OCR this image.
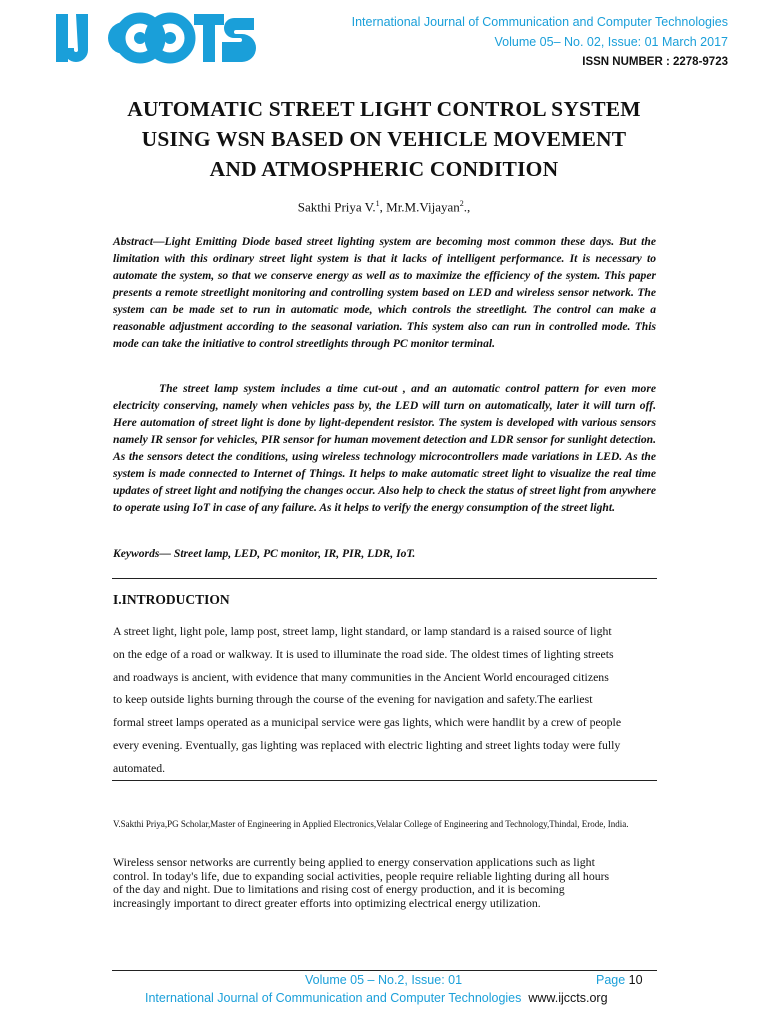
International Journal of Communication and Computer Technologies
Volume 05– No. 02, Issue: 01 March 2017
ISSN NUMBER : 2278-9723
AUTOMATIC STREET LIGHT CONTROL SYSTEM
USING WSN BASED ON VEHICLE MOVEMENT
AND ATMOSPHERIC CONDITION
Sakthi Priya V.$^1$, Mr.M.Vijayan$^2$.,
Abstract—Light Emitting Diode based street lighting system are becoming most common these days. But the limitation with this ordinary street light system is that it lacks of intelligent performance. It is necessary to automate the system, so that we conserve energy as well as to maximize the efficiency of the system. This paper presents a remote streetlight monitoring and controlling system based on LED and wireless sensor network. The system can be made set to run in automatic mode, which controls the streetlight. The control can make a reasonable adjustment according to the seasonal variation. This system also can run in controlled mode. This mode can take the initiative to control streetlights through PC monitor terminal.
The street lamp system includes a time cut-out , and an automatic control pattern for even more electricity conserving, namely when vehicles pass by, the LED will turn on automatically, later it will turn off. Here automation of street light is done by light-dependent resistor. The system is developed with various sensors namely IR sensor for vehicles, PIR sensor for human movement detection and LDR sensor for sunlight detection. As the sensors detect the conditions, using wireless technology microcontrollers made variations in LED. As the system is made connected to Internet of Things. It helps to make automatic street light to visualize the real time updates of street light and notifying the changes occur. Also help to check the status of street light from anywhere to operate using IoT in case of any failure. As it helps to verify the energy consumption of the street light.
Keywords— Street lamp, LED, PC monitor, IR, PIR, LDR, IoT.
I.INTRODUCTION
A street light, light pole, lamp post, street lamp, light standard, or lamp standard is a raised source of light
on the edge of a road or walkway. It is used to illuminate the road side. The oldest times of lighting streets
and roadways is ancient, with evidence that many communities in the Ancient World encouraged citizens
to keep outside lights burning through the course of the evening for navigation and safety.The earliest
formal street lamps operated as a municipal service were gas lights, which were handlit by a crew of people
every evening. Eventually, gas lighting was replaced with electric lighting and street lights today were fully
automated.
V.Sakthi Priya,PG Scholar,Master of Engineering in Applied Electronics,Velalar College of Engineering and Technology,Thindal, Erode, India.
Wireless sensor networks are currently being applied to energy conservation applications such as light
control. In today's life, due to expanding social activities, people require reliable lighting during all hours
of the day and night. Due to limitations and rising cost of energy production, and it is becoming
increasingly important to direct greater efforts into optimizing electrical energy utilization.
Volume 05 – No.2, Issue: 01	Page 10
International Journal of Communication and Computer Technologies www.ijccts.org
